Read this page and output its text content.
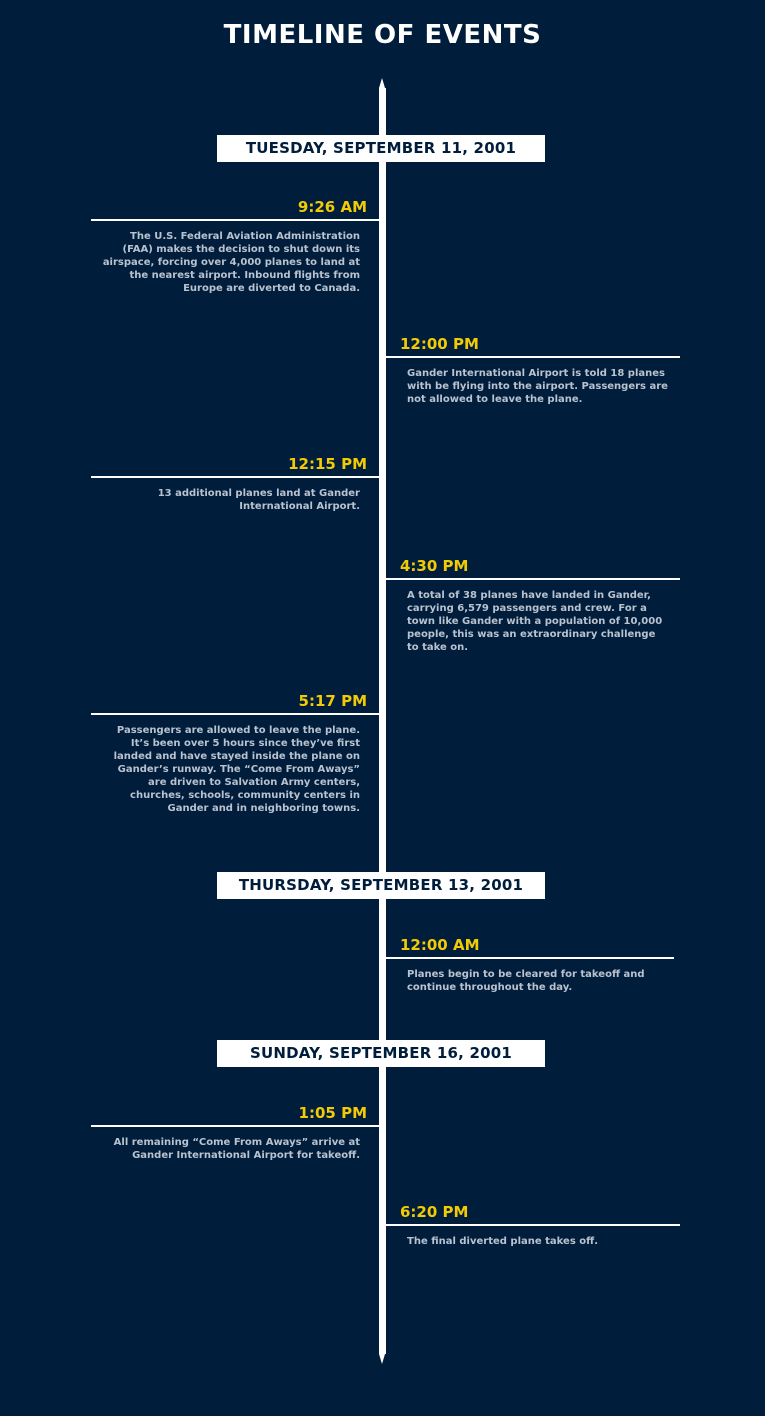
TIMELINE OF EVENTS
TUESDAY, SEPTEMBER 11, 2001
9:26 AM
The U.S. Federal Aviation Administration (FAA) makes the decision to shut down its airspace, forcing over 4,000 planes to land at the nearest airport. Inbound flights from Europe are diverted to Canada.
12:00 PM
Gander International Airport is told 18 planes with be flying into the airport. Passengers are not allowed to leave the plane.
12:15 PM
13 additional planes land at Gander International Airport.
4:30 PM
A total of 38 planes have landed in Gander, carrying 6,579 passengers and crew. For a town like Gander with a population of 10,000 people, this was an extraordinary challenge to take on.
5:17 PM
Passengers are allowed to leave the plane. It’s been over 5 hours since they’ve first landed and have stayed inside the plane on Gander’s runway. The “Come From Aways” are driven to Salvation Army centers, churches, schools, community centers in Gander and in neighboring towns.
THURSDAY, SEPTEMBER 13, 2001
12:00 AM
Planes begin to be cleared for takeoff and continue throughout the day.
SUNDAY, SEPTEMBER 16, 2001
1:05 PM
All remaining “Come From Aways” arrive at Gander International Airport for takeoff.
6:20 PM
The final diverted plane takes off.
